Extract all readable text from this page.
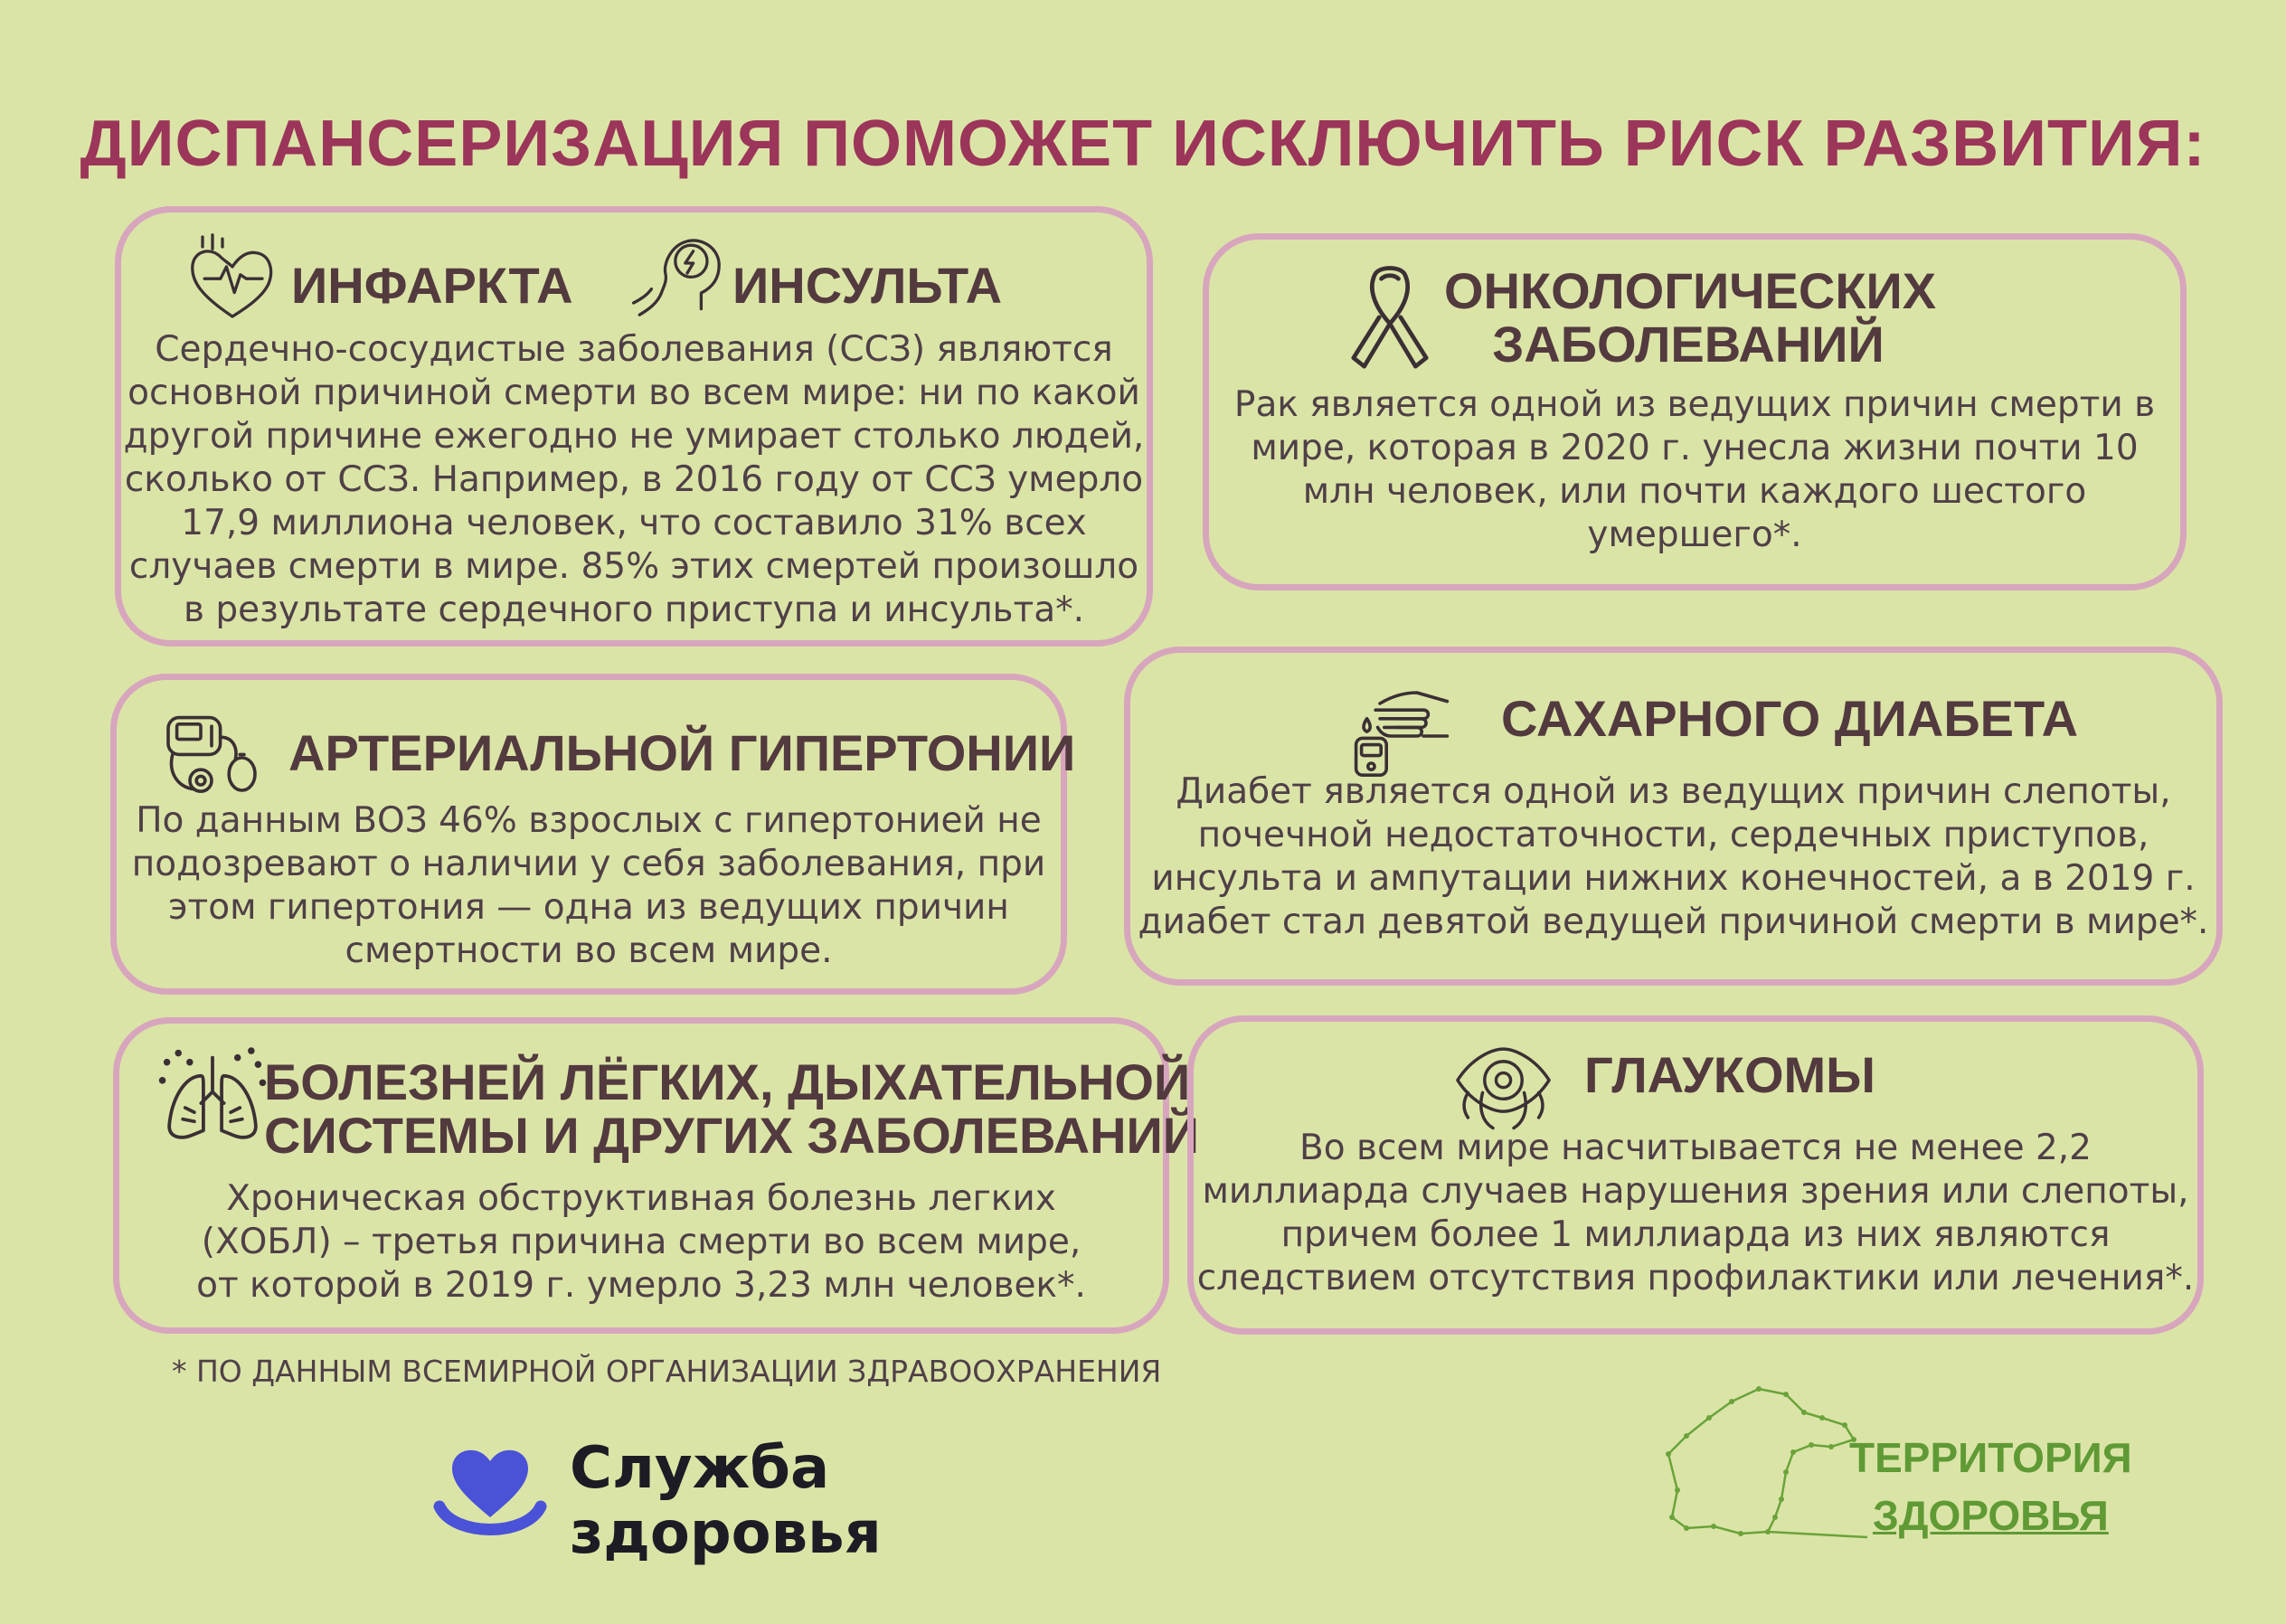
ДИСПАНСЕРИЗАЦИЯ ПОМОЖЕТ ИСКЛЮЧИТЬ РИСК РАЗВИТИЯ:
ИНФАРКТА	ИНСУЛЬТА
Сердечно-сосудистые заболевания (ССЗ) являются
основной причиной смерти во всем мире: ни по какой
другой причине ежегодно не умирает столько людей,
сколько от ССЗ. Например, в 2016 году от ССЗ умерло
17,9 миллиона человек, что составило 31% всех
случаев смерти в мире. 85% этих смертей произошло
в результате сердечного приступа и инсульта*.
ОНКОЛОГИЧЕСКИХ
ЗАБОЛЕВАНИЙ
Рак является одной из ведущих причин смерти в
мире, которая в 2020 г. унесла жизни почти 10
млн человек, или почти каждого шестого
умершего*.
АРТЕРИАЛЬНОЙ ГИПЕРТОНИИ
По данным ВОЗ 46% взрослых с гипертонией не
подозревают о наличии у себя заболевания, при
этом гипертония — одна из ведущих причин
смертности во всем мире.
САХАРНОГО ДИАБЕТА
Диабет является одной из ведущих причин слепоты,
почечной недостаточности, сердечных приступов,
инсульта и ампутации нижних конечностей, а в 2019 г.
диабет стал девятой ведущей причиной смерти в мире*.
БОЛЕЗНЕЙ ЛЁГКИХ, ДЫХАТЕЛЬНОЙ
СИСТЕМЫ И ДРУГИХ ЗАБОЛЕВАНИЙ
Хроническая обструктивная болезнь легких
(ХОБЛ) – третья причина смерти во всем мире,
от которой в 2019 г. умерло 3,23 млн человек*.
ГЛАУКОМЫ
Во всем мире насчитывается не менее 2,2
миллиарда случаев нарушения зрения или слепоты,
причем более 1 миллиарда из них являются
следствием отсутствия профилактики или лечения*.
* ПО ДАННЫМ ВСЕМИРНОЙ ОРГАНИЗАЦИИ ЗДРАВООХРАНЕНИЯ
Служба
здоровья
ТЕРРИТОРИЯ
ЗДОРОВЬЯ
